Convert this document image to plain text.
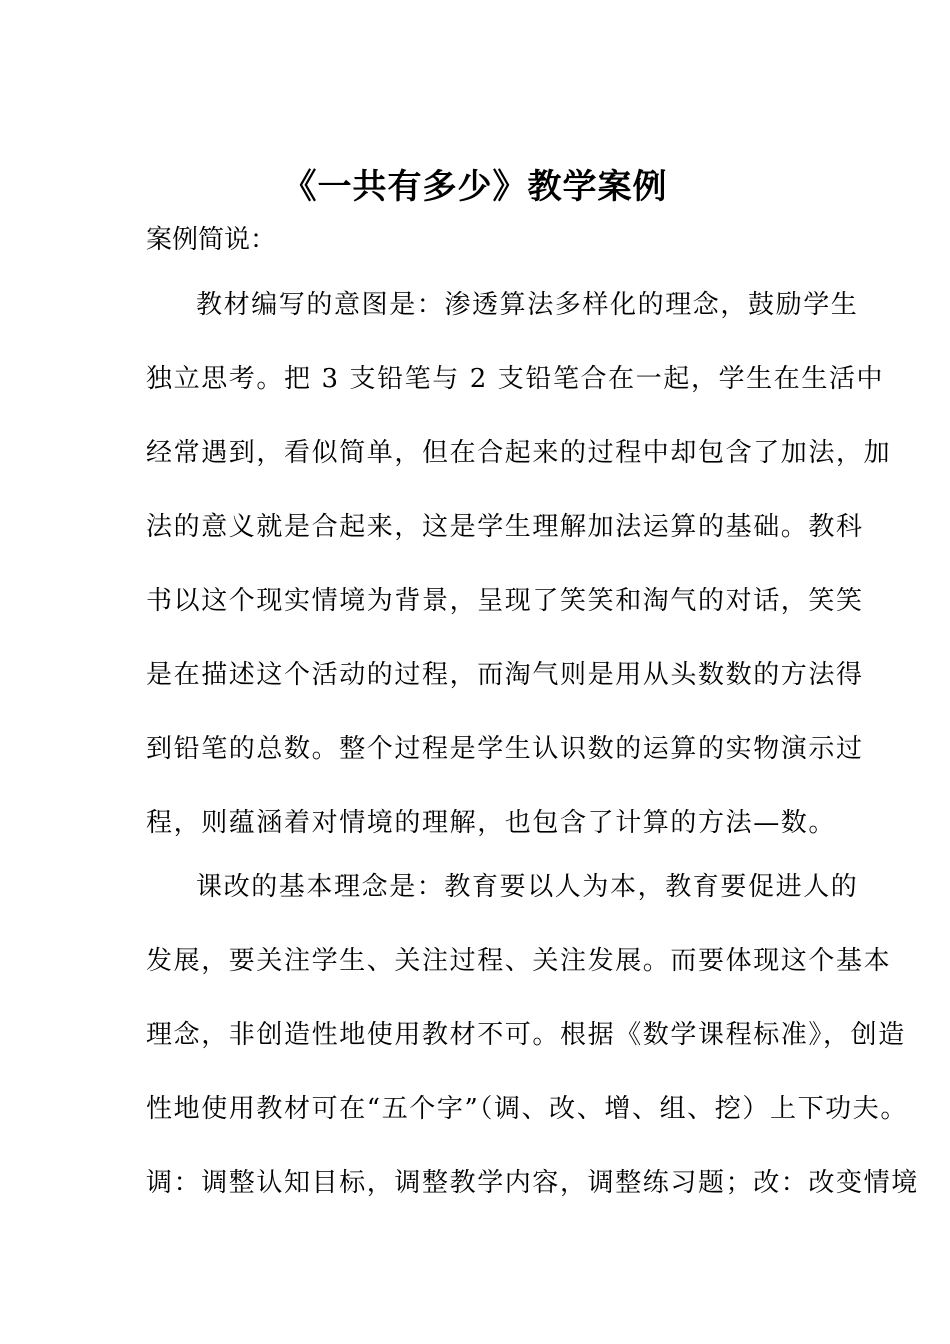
《一共有多少》教学案例
案例简说：
教材编写的意图是：渗透算法多样化的理念，鼓励学生
独立思考。把 3 支铅笔与 2 支铅笔合在一起，学生在生活中
经常遇到，看似简单，但在合起来的过程中却包含了加法，加
法的意义就是合起来，这是学生理解加法运算的基础。教科
书以这个现实情境为背景，呈现了笑笑和淘气的对话，笑笑
是在描述这个活动的过程，而淘气则是用从头数数的方法得
到铅笔的总数。整个过程是学生认识数的运算的实物演示过
程，则蕴涵着对情境的理解，也包含了计算的方法—数。
课改的基本理念是：教育要以人为本，教育要促进人的
发展，要关注学生、关注过程、关注发展。而要体现这个基本
理念，非创造性地使用教材不可。根据《数学课程标准》，创造
性地使用教材可在“五个字”（调、改、增、组、挖）上下功夫。
调：调整认知目标，调整教学内容，调整练习题；改：改变情境
